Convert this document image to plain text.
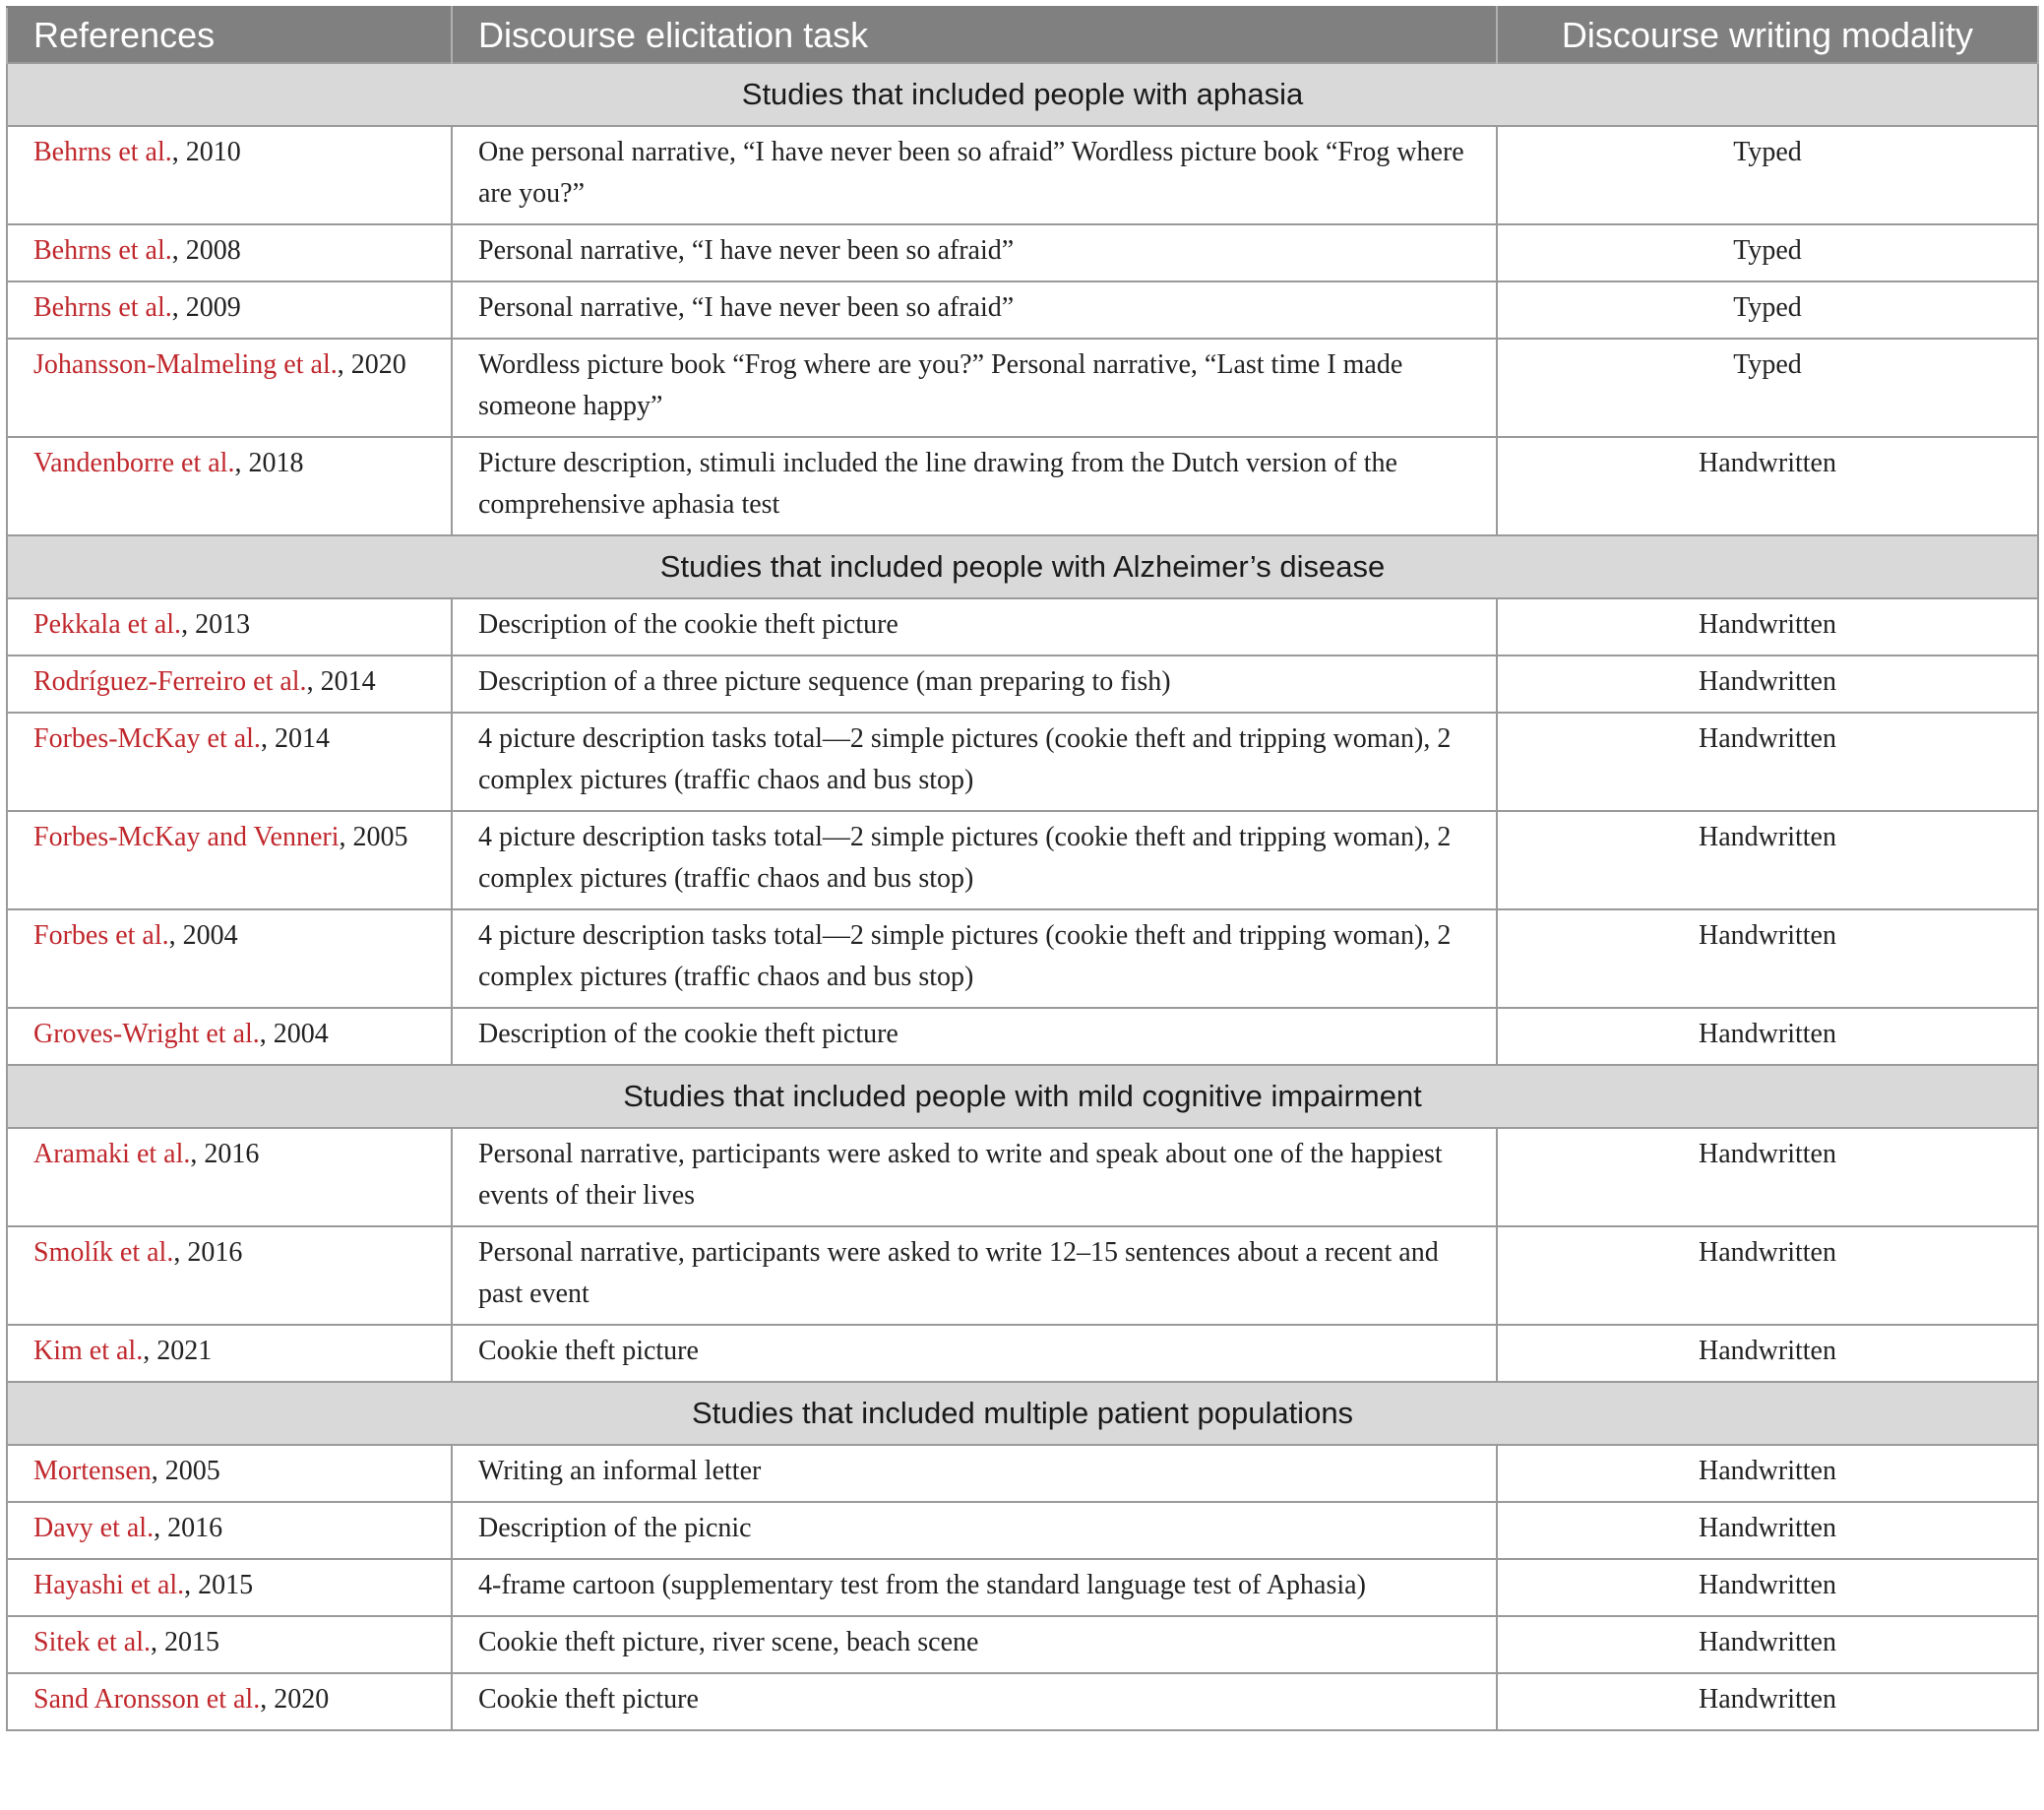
References	Discourse elicitation task	Discourse writing modality
Studies that included people with aphasia		
Behrns et al., 2010	One personal narrative, “I have never been so afraid” Wordless picture book “Frog where are you?”	Typed
Behrns et al., 2008	Personal narrative, “I have never been so afraid”	Typed
Behrns et al., 2009	Personal narrative, “I have never been so afraid”	Typed
Johansson-Malmeling et al., 2020	Wordless picture book “Frog where are you?” Personal narrative, “Last time I made someone happy”	Typed
Vandenborre et al., 2018	Picture description, stimuli included the line drawing from the Dutch version of the comprehensive aphasia test	Handwritten
Studies that included people with Alzheimer’s disease		
Pekkala et al., 2013	Description of the cookie theft picture	Handwritten
Rodríguez-Ferreiro et al., 2014	Description of a three picture sequence (man preparing to fish)	Handwritten
Forbes-McKay et al., 2014	4 picture description tasks total—2 simple pictures (cookie theft and tripping woman), 2 complex pictures (traffic chaos and bus stop)	Handwritten
Forbes-McKay and Venneri, 2005	4 picture description tasks total—2 simple pictures (cookie theft and tripping woman), 2 complex pictures (traffic chaos and bus stop)	Handwritten
Forbes et al., 2004	4 picture description tasks total—2 simple pictures (cookie theft and tripping woman), 2 complex pictures (traffic chaos and bus stop)	Handwritten
Groves-Wright et al., 2004	Description of the cookie theft picture	Handwritten
Studies that included people with mild cognitive impairment		
Aramaki et al., 2016	Personal narrative, participants were asked to write and speak about one of the happiest events of their lives	Handwritten
Smolík et al., 2016	Personal narrative, participants were asked to write 12–15 sentences about a recent and past event	Handwritten
Kim et al., 2021	Cookie theft picture	Handwritten
Studies that included multiple patient populations		
Mortensen, 2005	Writing an informal letter	Handwritten
Davy et al., 2016	Description of the picnic	Handwritten
Hayashi et al., 2015	4-frame cartoon (supplementary test from the standard language test of Aphasia)	Handwritten
Sitek et al., 2015	Cookie theft picture, river scene, beach scene	Handwritten
Sand Aronsson et al., 2020	Cookie theft picture	Handwritten
